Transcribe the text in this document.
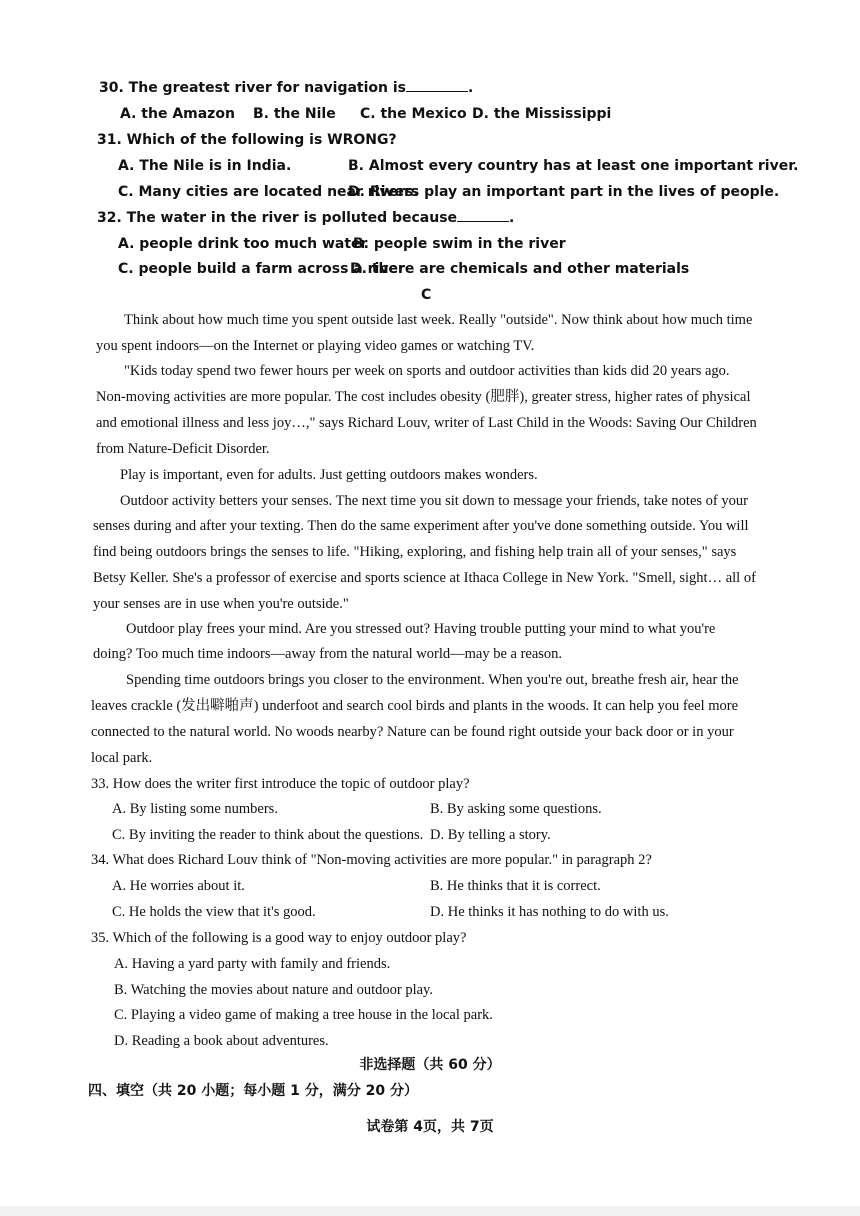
30. The greatest river for navigation is	.
A. the Amazon B. the Nile C. the Mexico D. the Mississippi
31. Which of the following is WRONG?
A. The Nile is in India.	B. Almost every country has at least one important river.
C. Many cities are located near rivers.
D. Rivers play an important part in the lives of people.
32. The water in the river is polluted because	.
A. people drink too much water
B. people swim in the river
C. people build a farm across a river
D. there are chemicals and other materials
C
Think about how much time you spent outside last week. Really "outside". Now think about how much time
you spent indoors—on the Internet or playing video games or watching TV.
"Kids today spend two fewer hours per week on sports and outdoor activities than kids did 20 years ago.
Non-moving activities are more popular. The cost includes obesity (肥胖), greater stress, higher rates of physical
and emotional illness and less joy…," says Richard Louv, writer of Last Child in the Woods: Saving Our Children
from Nature-Deficit Disorder.
Play is important, even for adults. Just getting outdoors makes wonders.
Outdoor activity betters your senses. The next time you sit down to message your friends, take notes of your
senses during and after your texting. Then do the same experiment after you've done something outside. You will
find being outdoors brings the senses to life. "Hiking, exploring, and fishing help train all of your senses," says
Betsy Keller. She's a professor of exercise and sports science at Ithaca College in New York. "Smell, sight… all of
your senses are in use when you're outside."
Outdoor play frees your mind. Are you stressed out? Having trouble putting your mind to what you're
doing? Too much time indoors—away from the natural world—may be a reason.
Spending time outdoors brings you closer to the environment. When you're out, breathe fresh air, hear the
leaves crackle (发出噼啪声) underfoot and search cool birds and plants in the woods. It can help you feel more
connected to the natural world. No woods nearby? Nature can be found right outside your back door or in your
local park.
33. How does the writer first introduce the topic of outdoor play?
A. By listing some numbers.	B. By asking some questions.
C. By inviting the reader to think about the questions. D. By telling a story.
34. What does Richard Louv think of "Non-moving activities are more popular." in paragraph 2?
A. He worries about it.	B. He thinks that it is correct.
C. He holds the view that it's good.	D. He thinks it has nothing to do with us.
35. Which of the following is a good way to enjoy outdoor play?
A. Having a yard party with family and friends.
B. Watching the movies about nature and outdoor play.
C. Playing a video game of making a tree house in the local park.
D. Reading a book about adventures.
非选择题（共 60 分）
四、填空（共 20 小题；每小题 1 分，满分 20 分）
试卷第 4页，共 7页
